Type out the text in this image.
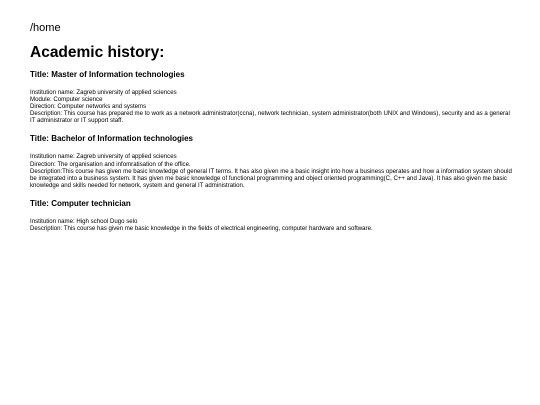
/home

Academic history:
Title: Master of Information technologies
Institution name: Zagreb university of applied sciences
Module: Computer science
Direction: Computer networks and systems
Description: This course has prepared me to work as a network administrator(ccna), network technician, system administrator(both UNIX and Windows), security and as a general IT administrator or IT support staff.
Title: Bachelor of Information technologies
Institution name: Zagreb university of applied sciences
Direction: The organisation and infomratisation of the office.
Description:This course has given me basic knowledge of general IT terms. It has also given me a basic insight into how a business operates and how a information system should be integrated into a business system. It has given me basic knowledge of functional programming and object oriented programming(C, C++ and Java). It has also given me basic knowledge and skills needed for network, system and general IT administration.
Title: Computer technician
Institution name: High school Dugo selo
Description: This course has given me basic knowledge in the fields of electrical engineering, computer hardware and software.
